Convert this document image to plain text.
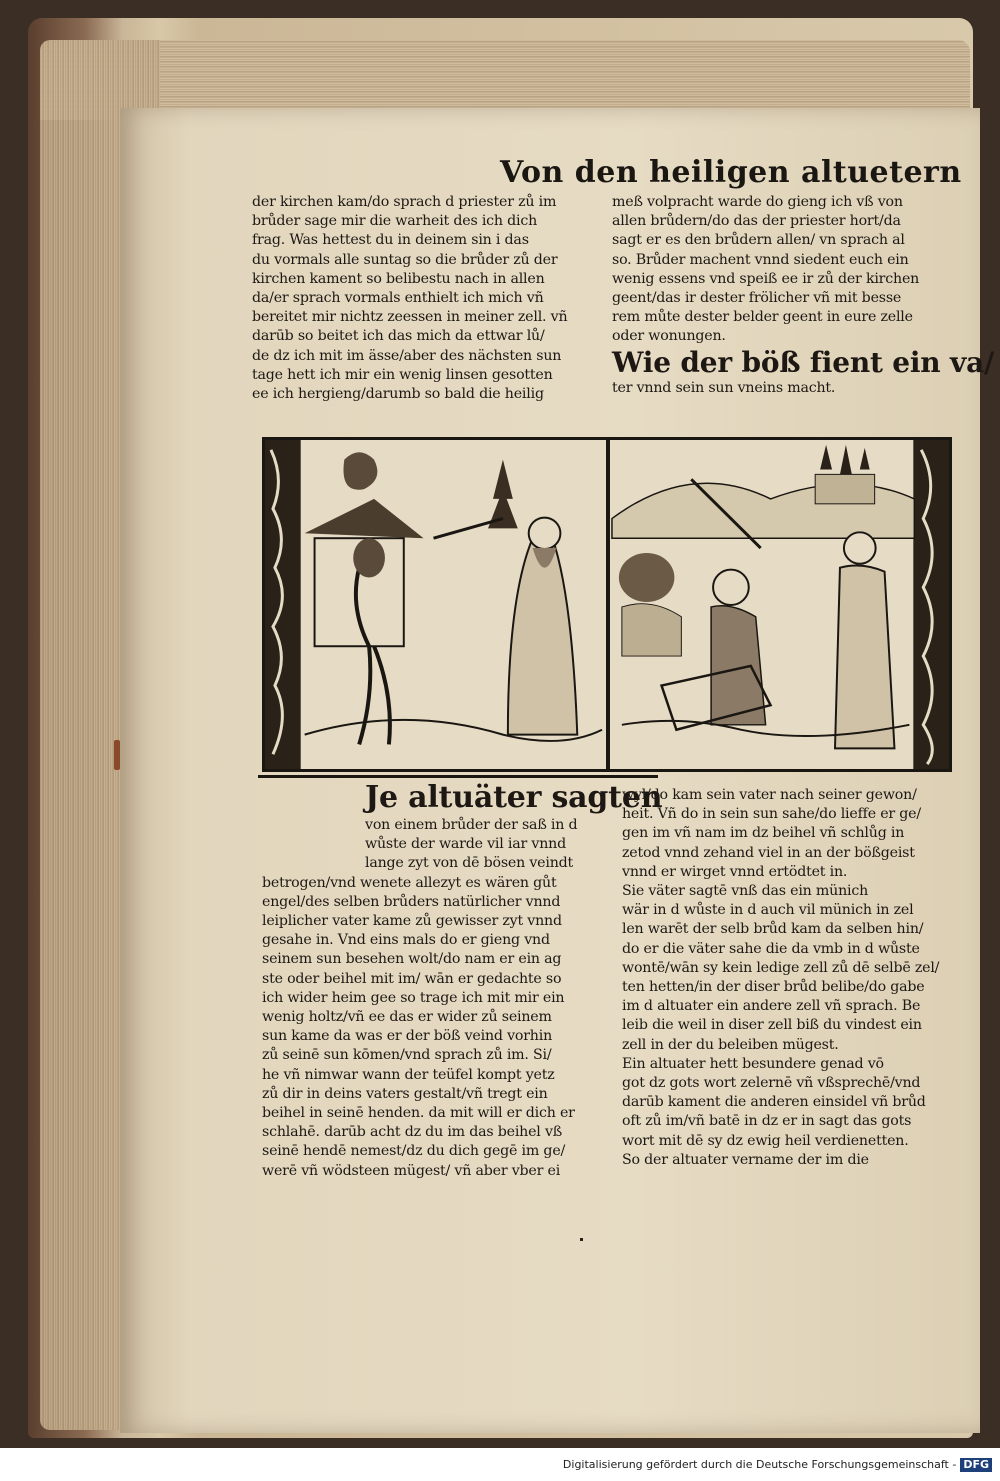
Von den heiligen altuetern

der kirchen kam/do sprach d priester zů im

brůder sage mir die warheit des ich dich

frag. Was hettest du in deinem sin i das

du vormals alle suntag so die brůder zů der

kirchen kament so belibestu nach in allen

da/er sprach vormals enthielt ich mich vñ

bereitet mir nichtz zeessen in meiner zell. vñ

darūb so beitet ich das mich da ettwar lů/

de dz ich mit im ässe/aber des nächsten sun

tage hett ich mir ein wenig linsen gesotten

ee ich hergieng/darumb so bald die heilig

meß volpracht warde do gieng ich vß von

allen brůdern/do das der priester hort/da

sagt er es den brůdern allen/ vn sprach al

so. Brůder machent vnnd siedent euch ein

wenig essens vnd speiß ee ir zů der kirchen

geent/das ir dester frölicher vñ mit besse

rem můte dester belder geent in eure zelle

oder wonungen.

Wie der böß fient ein va/

ter vnnd sein sun vneins macht.

Je altuäter sagten

von einem brůder der saß in d

wůste der warde vil iar vnnd

lange zyt von dē bösen veindt

betrogen/vnd wenete allezyt es wären gůt

engel/des selben brůders natürlicher vnnd

leiplicher vater kame zů gewisser zyt vnnd

gesahe in. Vnd eins mals do er gieng vnd

seinem sun besehen wolt/do nam er ein ag

ste oder beihel mit im/ wān er gedachte so

ich wider heim gee so trage ich mit mir ein

wenig holtz/vñ ee das er wider zů seinem

sun kame da was er der böß veind vorhin

zů seinē sun kōmen/vnd sprach zů im. Si/

he vñ nimwar wann der teüfel kompt yetz

zů dir in deins vaters gestalt/vñ tregt ein

beihel in seinē henden. da mit will er dich er

schlahē. darūb acht dz du im das beihel vß

seinē hendē nemest/dz du dich gegē im ge/

werē vñ wödsteen mügest/ vñ aber vber ei

wyl/do kam sein vater nach seiner gewon/

heit. Vñ do in sein sun sahe/do lieffe er ge/

gen im vñ nam im dz beihel vñ schlůg in

zetod vnnd zehand viel in an der bößgeist

vnnd er wirget vnnd ertödtet in.

Sie väter sagtē vnß das ein münich

wär in d wůste in d auch vil münich in zel

len warēt der selb brůd kam da selben hin/

do er die väter sahe die da vmb in d wůste

wontē/wān sy kein ledige zell zů dē selbē zel/

ten hetten/in der diser brůd belibe/do gabe

im d altuater ein andere zell vñ sprach. Be

leib die weil in diser zell biß du vindest ein

zell in der du beleiben mügest.

Ein altuater hett besundere genad vō

got dz gots wort zelernē vñ vßsprechē/vnd

darūb kament die anderen einsidel vñ brůd

oft zů im/vñ batē in dz er in sagt das gots

wort mit dē sy dz ewig heil verdienetten.

So der altuater vername der im die

Digitalisierung gefördert durch die Deutsche Forschungsgemeinschaft - DFG
